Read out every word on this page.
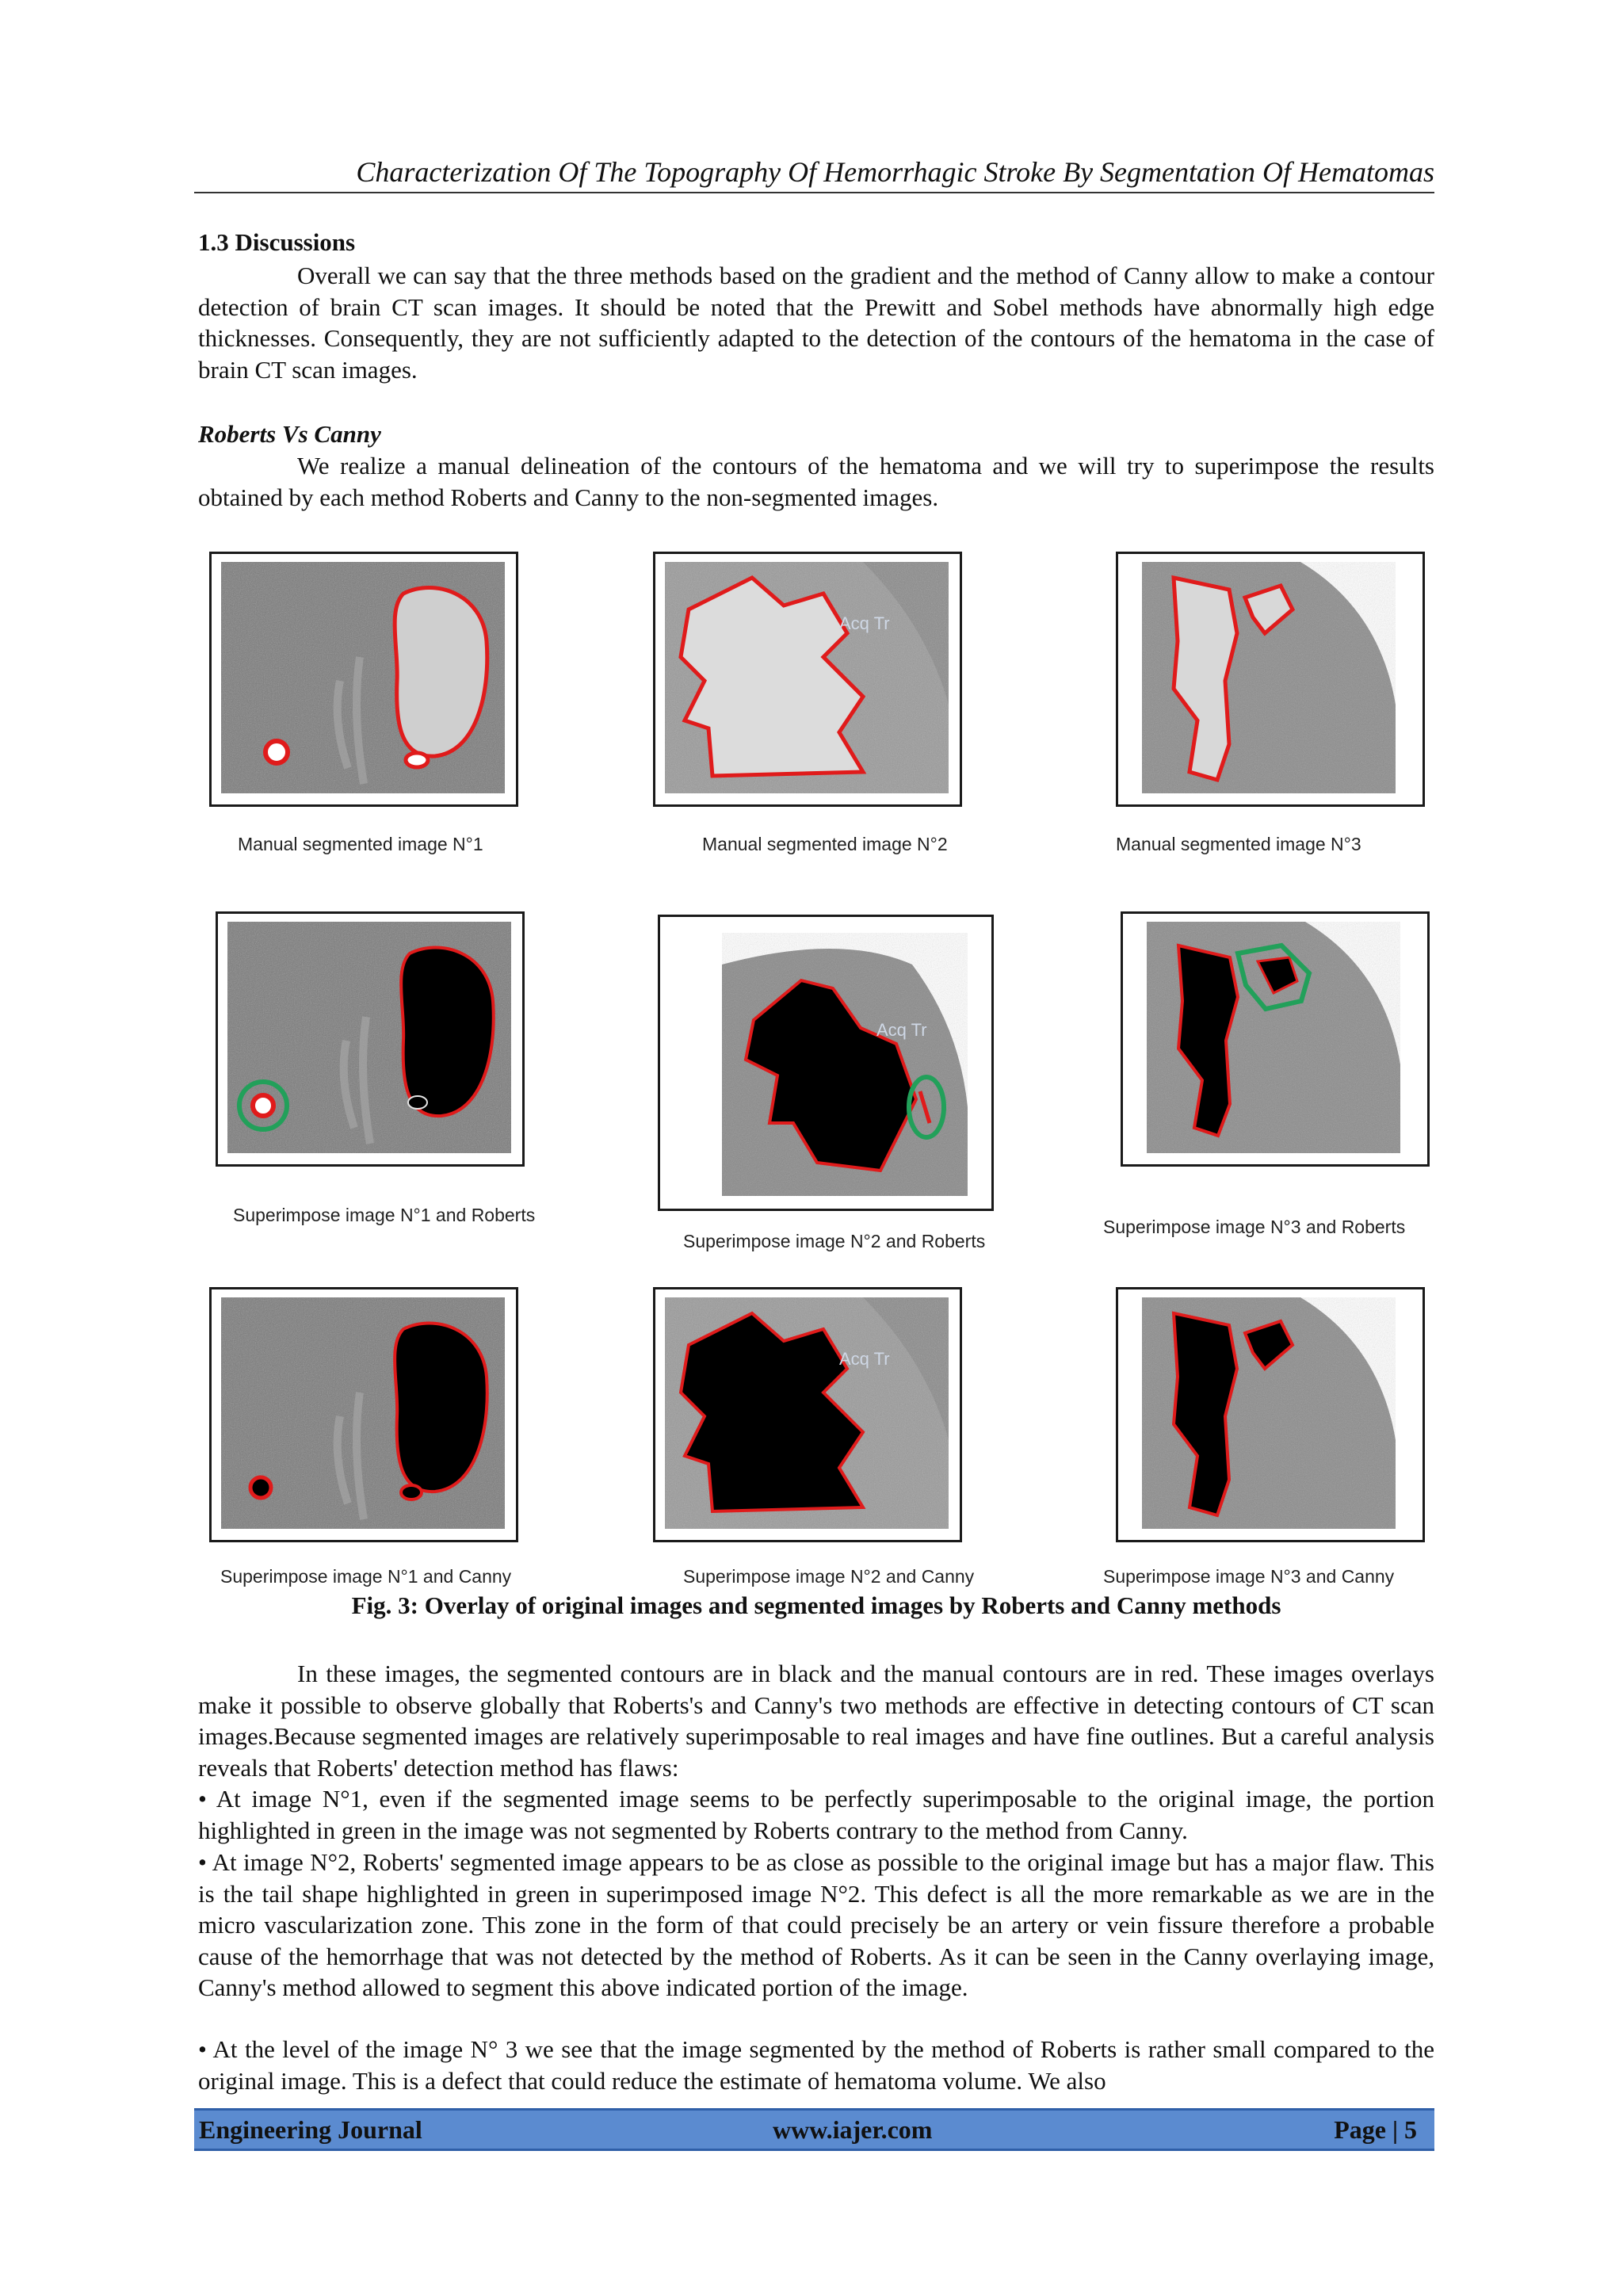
Characterization Of The Topography Of Hemorrhagic Stroke By Segmentation Of Hematomas
1.3 Discussions

Overall we can say that the three methods based on the gradient and the method of Canny allow to make a contour detection of brain CT scan images. It should be noted that the Prewitt and Sobel methods have abnormally high edge thicknesses. Consequently, they are not sufficiently adapted to the detection of the contours of the hematoma in the case of brain CT scan images.

Roberts Vs Canny

We realize a manual delineation of the contours of the hematoma and we will try to superimpose the results obtained by each method Roberts and Canny to the non-segmented images.

Manual segmented image N°1
Acq Tr
Manual segmented image N°2	Manual segmented image N°3
Superimpose image N°1 and Roberts
Acq Tr
Superimpose image N°2 and Roberts
Superimpose image N°3 and Roberts
Superimpose image N°1 and Canny
Acq Tr
Superimpose image N°2 and Canny	Superimpose image N°3 and Canny
Fig. 3: Overlay of original images and segmented images by Roberts and Canny methods

In these images, the segmented contours are in black and the manual contours are in red. These images overlays make it possible to observe globally that Roberts's and Canny's two methods are effective in detecting contours of CT scan images.Because segmented images are relatively superimposable to real images and have fine outlines. But a careful analysis reveals that Roberts' detection method has flaws:

• At image N°1, even if the segmented image seems to be perfectly superimposable to the original image, the portion highlighted in green in the image was not segmented by Roberts contrary to the method from Canny.

• At image N°2, Roberts' segmented image appears to be as close as possible to the original image but has a major flaw. This is the tail shape highlighted in green in superimposed image N°2. This defect is all the more remarkable as we are in the micro vascularization zone. This zone in the form of that could precisely be an artery or vein fissure therefore a probable cause of the hemorrhage that was not detected by the method of Roberts. As it can be seen in the Canny overlaying image, Canny's method allowed to segment this above indicated portion of the image.

• At the level of the image N° 3 we see that the image segmented by the method of Roberts is rather small compared to the original image. This is a defect that could reduce the estimate of hematoma volume. We also

Engineering Journal	www.iajer.com	Page | 5
